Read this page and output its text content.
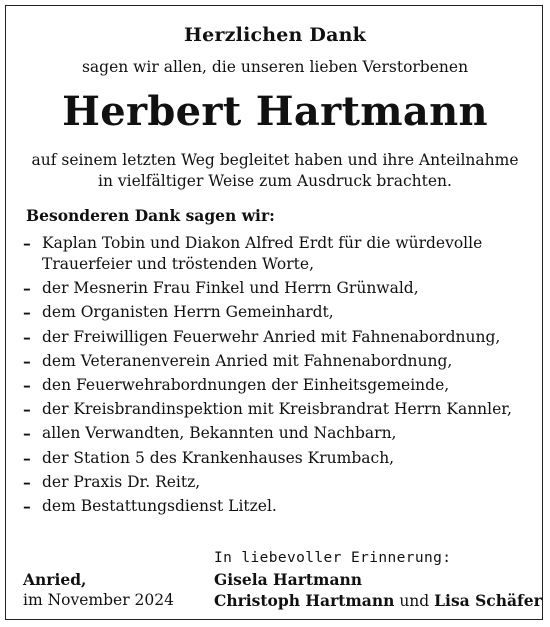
Herzlichen Dank
sagen wir allen, die unseren lieben Verstorbenen
Herbert Hartmann
auf seinem letzten Weg begleitet haben und ihre Anteilnahme
in vielfältiger Weise zum Ausdruck brachten.
Besonderen Dank sagen wir:
– Kaplan Tobin und Diakon Alfred Erdt für die würdevolle
Trauerfeier und tröstenden Worte,
– der Mesnerin Frau Finkel und Herrn Grünwald,
– dem Organisten Herrn Gemeinhardt,
– der Freiwilligen Feuerwehr Anried mit Fahnenabordnung,
– dem Veteranenverein Anried mit Fahnenabordnung,
– den Feuerwehrabordnungen der Einheitsgemeinde,
– der Kreisbrandinspektion mit Kreisbrandrat Herrn Kannler,
– allen Verwandten, Bekannten und Nachbarn,
– der Station 5 des Krankenhauses Krumbach,
– der Praxis Dr. Reitz,
– dem Bestattungsdienst Litzel.
Anried,
im November 2024
In liebevoller Erinnerung:
Gisela Hartmann
Christoph Hartmann und Lisa Schäfer
